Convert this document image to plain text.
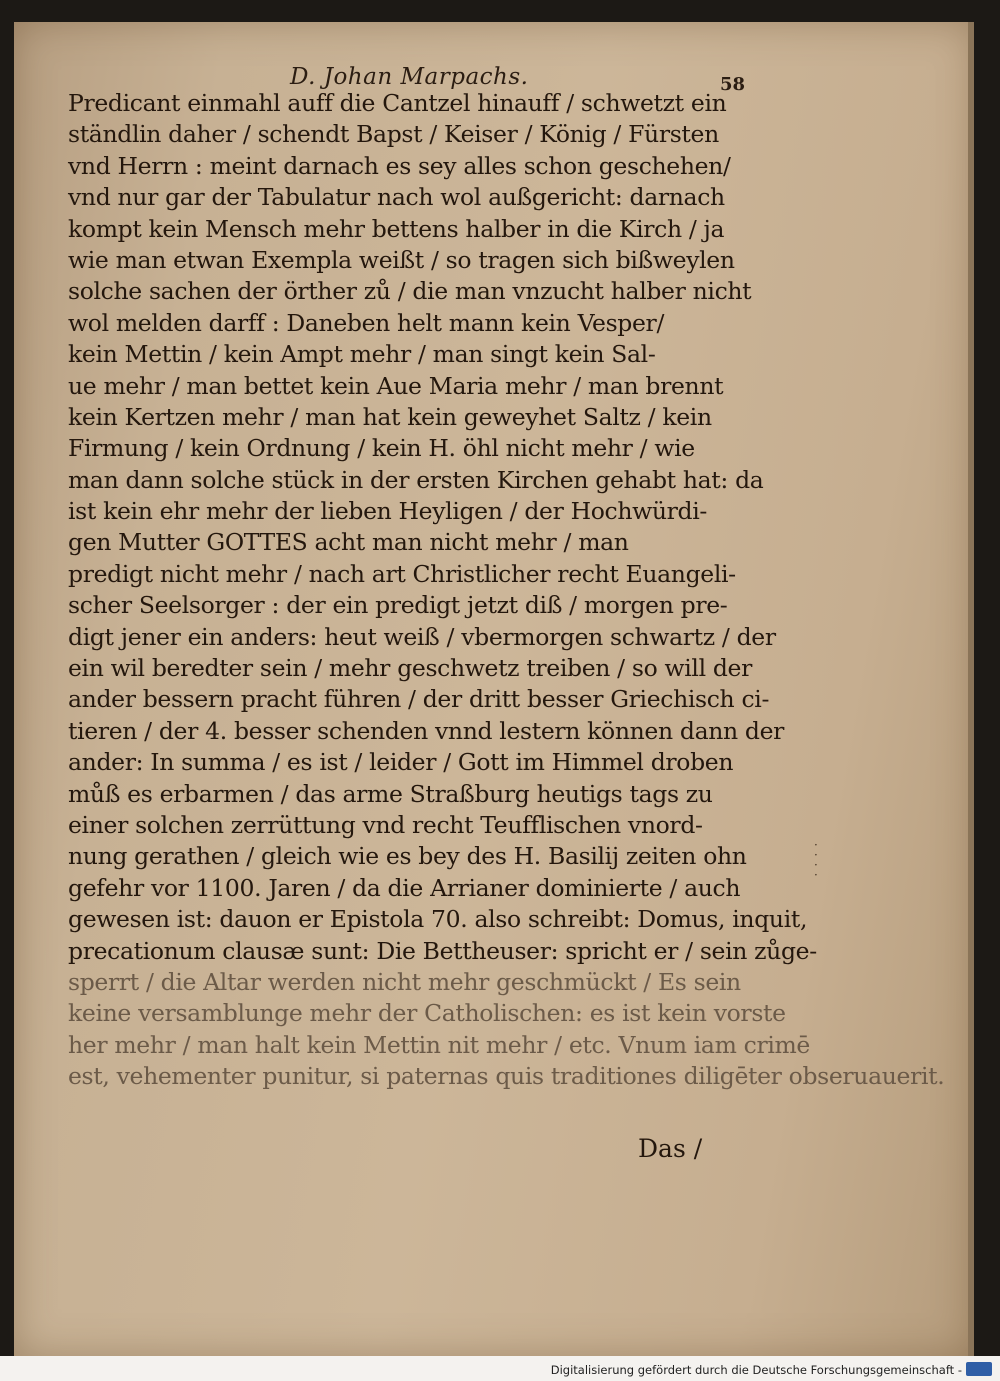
D. Johan Marpachs.	58
Predicant einmahl auff die Cantzel hinauff / schwetzt ein
ständlin daher / schendt Bapst / Keiser / König / Fürsten
vnd Herrn : meint darnach es sey alles schon geschehen/
vnd nur gar der Tabulatur nach wol außgericht: darnach
kompt kein Mensch mehr bettens halber in die Kirch / ja
wie man etwan Exempla weißt / so tragen sich bißweylen
solche sachen der örther zů / die man vnzucht halber nicht
wol melden darff : Daneben helt mann kein Vesper/
kein Mettin / kein Ampt mehr / man singt kein Sal-
ue mehr / man bettet kein Aue Maria mehr / man brennt
kein Kertzen mehr / man hat kein geweyhet Saltz / kein
Firmung / kein Ordnung / kein H. öhl nicht mehr / wie
man dann solche stück in der ersten Kirchen gehabt hat: da
ist kein ehr mehr der lieben Heyligen / der Hochwürdi-
gen Mutter GOTTES acht man nicht mehr / man
predigt nicht mehr / nach art Christlicher recht Euangeli-
scher Seelsorger : der ein predigt jetzt diß / morgen pre-
digt jener ein anders: heut weiß / vbermorgen schwartz / der
ein wil beredter sein / mehr geschwetz treiben / so will der
ander bessern pracht führen / der dritt besser Griechisch ci-
tieren / der 4. besser schenden vnnd lestern können dann der
ander: In summa / es ist / leider / Gott im Himmel droben
můß es erbarmen / das arme Straßburg heutigs tags zu
einer solchen zerrüttung vnd recht Teufflischen vnord-
nung gerathen / gleich wie es bey des H. Basilij zeiten ohn
gefehr vor 1100. Jaren / da die Arrianer dominierte / auch
gewesen ist: dauon er Epistola 70. also schreibt: Domus, inquit,
precationum clausæ sunt: Die Bettheuser: spricht er / sein zůge-
sperrt / die Altar werden nicht mehr geschmückt / Es sein
keine versamblunge mehr der Catholischen: es ist kein vorste
her mehr / man halt kein Mettin nit mehr / etc. Vnum iam crimē
est, vehementer punitur, si paternas quis traditiones diligēter obseruauerit.
·
·
·
·
Das /
Digitalisierung gefördert durch die Deutsche Forschungsgemeinschaft -
